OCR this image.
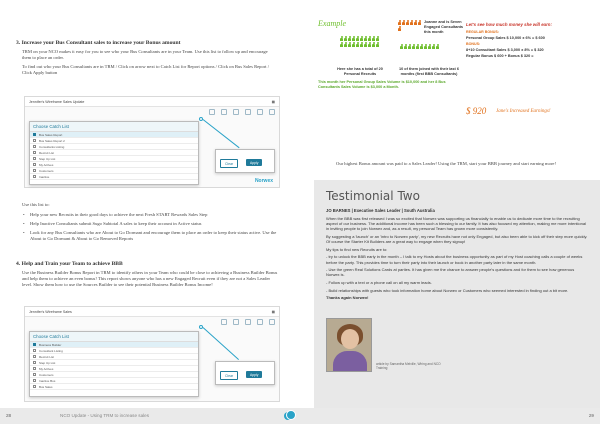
3. Increase your Bus Consultant sales to increase your Bonus amount
TRM on your NCO makes it easy for you to see who your Bus Consultants are in your Team. Use this list to follow up and encourage them to place an order.
To find out who your Bus Consultants are in TRM / Click on arrow next to Catch List for Report options / Click on Bus Sales Report / Click Apply button
Jennifer's Wireframe Sales Update	▦
Choose Catch List
Bus Sales Report
Bus Sales Report 2
Consultants Listing
Recruit List
Step Up List
My Actives
Customers
Inactive
Clear	Apply
Norwex
Use this list to:
• Help your new Recruits in their good days to achieve the next Fresh START Rewards Sales Step
• Help Inactive Consultants submit Sugo Subtotal A sales to keep their account in Active status
• Look for any Bus Consultants who are About to Go Dormant and encourage them to place an order to keep their status active. Use the About to Go Dormant & About to Go Removed Reports
4. Help and Train your Team to achieve BBB
Use the Business Builder Bonus Report in TRM to identify others in your Team who could be close to achieving a Business Builder Bonus and help them to achieve an even bonus! This report shows anyone who has a new Engaged Recruit even if they are not a Sales Leader level. Show them how to use the Sources Builder to see their potential Business Builder Bonus Income!
Jennifer's Wireframe Sales	▦
Choose Catch List
Business Builder
Consultant Listing
Recruit List
Step Up List
My Actives
Customers
Inactive Bus
Bus Sales
Clear	Apply
28	NCO Update - Using TRM to increase sales
Example
Here she has a total of 20 Personal Recruits
Joanne and is Seven Engaged Consultants this month
10 of them joined with their last 6 months (first BBB Consultants)
This month her Personal Group Sales Volume is $10,000 and her 8 Bus Consultants Sales Volume is $3,000 a Month.
Let's see how much money she will earn:
REGULAR BONUS:
Personal Group Sales $ 10,000 x 6% = $ 600
BONUS:
8+10 Consultant Sales $ 3,000 x 8% = $ 320
Regular Bonus $ 600 + Bonus $ 320 =
$ 920 Jane's Increased Earnings!
Our highest Bonus amount was paid to a Sales Leader! Using the TRM, start your BBB journey and start earning more!
Testimonial Two
JO BARNES | Executive Sales Leader | South Australia

When the BBB was first released I was so excited that Norwex was supporting us financially to enable us to dedicate more time to the recruiting aspect of our business. The additional income has been such a blessing to our family. It has also focused my attention, making me more intentional in inviting people to join Norwex and, as a result, my personal Team has grown more consistently.

By suggesting a 'launch' or an 'intro to Norwex party', my new Recruits have not only Engaged, but also been able to kick off their step more quickly. Of course the Starter Kit Builders are a great way to engage when they signup!

My tips to find new Recruits are to:

- try to unlock the BBB early in the month – I talk to my Hosts about the business opportunity as part of my Host coaching calls a couple of weeks before the party. This provides time to turn their party into their launch or book in another party later in the same month.

- Use the green Real Solutions Cards at parties. It has given me the chance to answer people's questions and for them to see how generous Norwex is.

- Follow up with a text or a phone call on all my warm leads.

- Build relationships with guests who took information home about Norwex or Customers who seemed interested in finding out a bit more.

Thanks again Norwex!

article by Samantha Melville, Wiring and NCO Training
29
